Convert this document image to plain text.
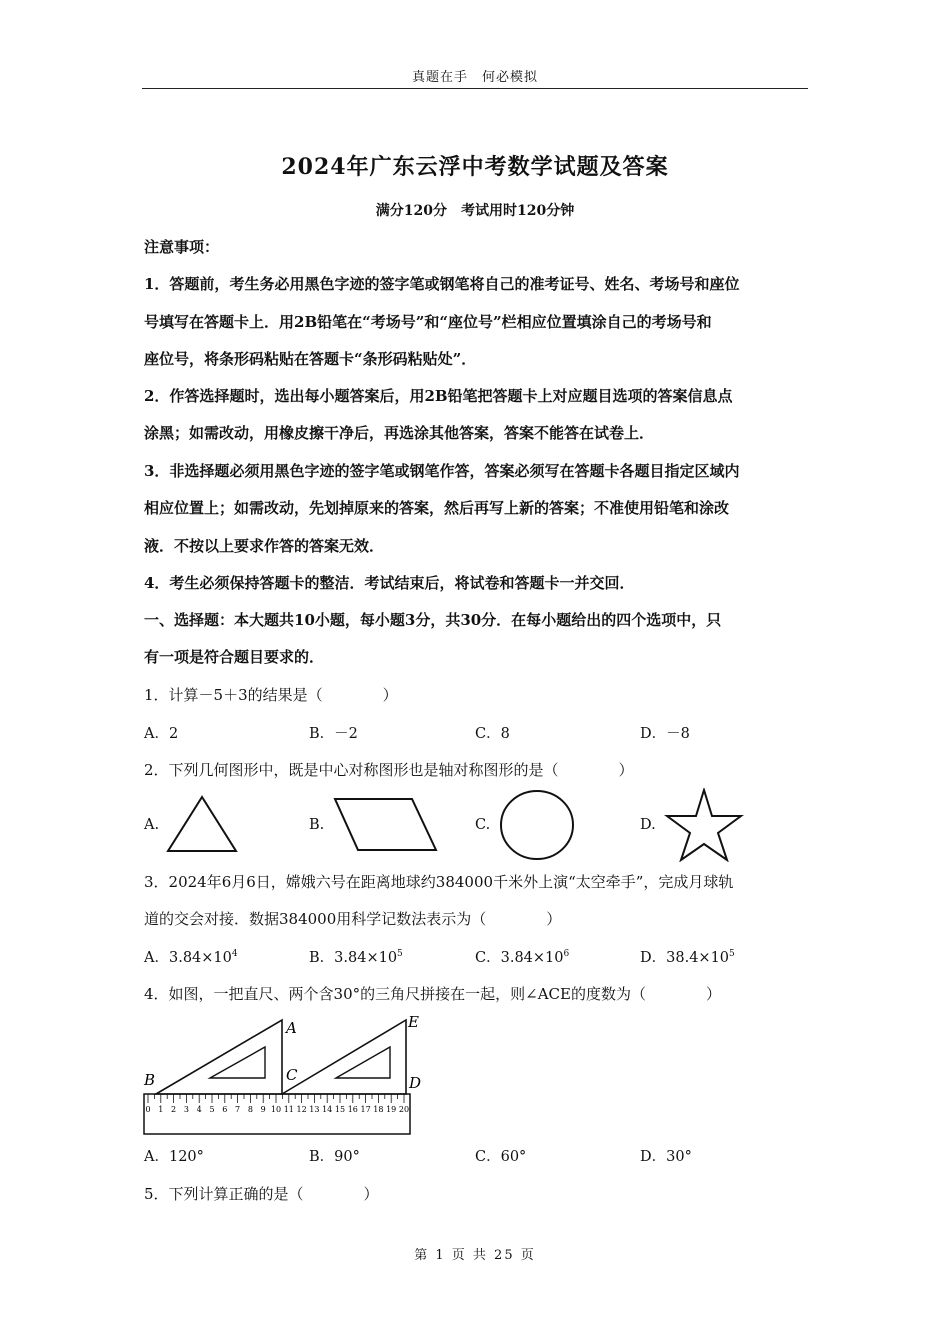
真题在手　何必模拟
2024年广东云浮中考数学试题及答案
满分120分　考试用时120分钟
注意事项：
1．答题前，考生务必用黑色字迹的签字笔或钢笔将自己的准考证号、姓名、考场号和座位
号填写在答题卡上．用2B铅笔在“考场号”和“座位号”栏相应位置填涂自己的考场号和
座位号，将条形码粘贴在答题卡“条形码粘贴处”．
2．作答选择题时，选出每小题答案后，用2B铅笔把答题卡上对应题目选项的答案信息点
涂黑；如需改动，用橡皮擦干净后，再选涂其他答案，答案不能答在试卷上．
3．非选择题必须用黑色字迹的签字笔或钢笔作答，答案必须写在答题卡各题目指定区域内
相应位置上；如需改动，先划掉原来的答案，然后再写上新的答案；不准使用铅笔和涂改
液．不按以上要求作答的答案无效．
4．考生必须保持答题卡的整洁．考试结束后，将试卷和答题卡一并交回．
一、选择题：本大题共10小题，每小题3分，共30分．在每小题给出的四个选项中，只
有一项是符合题目要求的．
1．计算－5＋3的结果是（　　　　）
A．2	B．－2	C．8	D．－8
2．下列几何图形中，既是中心对称图形也是轴对称图形的是（　　　　）
A.	B.	C.	D.
3．2024年6月6日，嫦娥六号在距离地球约384000千米外上演“太空牵手”，完成月球轨
道的交会对接．数据384000用科学记数法表示为（　　　　）
A．$3.84\times 10^4$	B．$3.84\times 10^5$	C．$3.84\times 10^6$	D．$38.4\times 10^5$
4．如图，一把直尺、两个含30°的三角尺拼接在一起，则∠ACE的度数为（　　　　）
0 1 2 3 4 5 6 7 8 9 10 11 12 13 14 15 16 17 18 19 20
A
B	C	D
E
A．120°	B．90°	C．60°	D．30°
5．下列计算正确的是（　　　　）
第 1 页 共 25 页
